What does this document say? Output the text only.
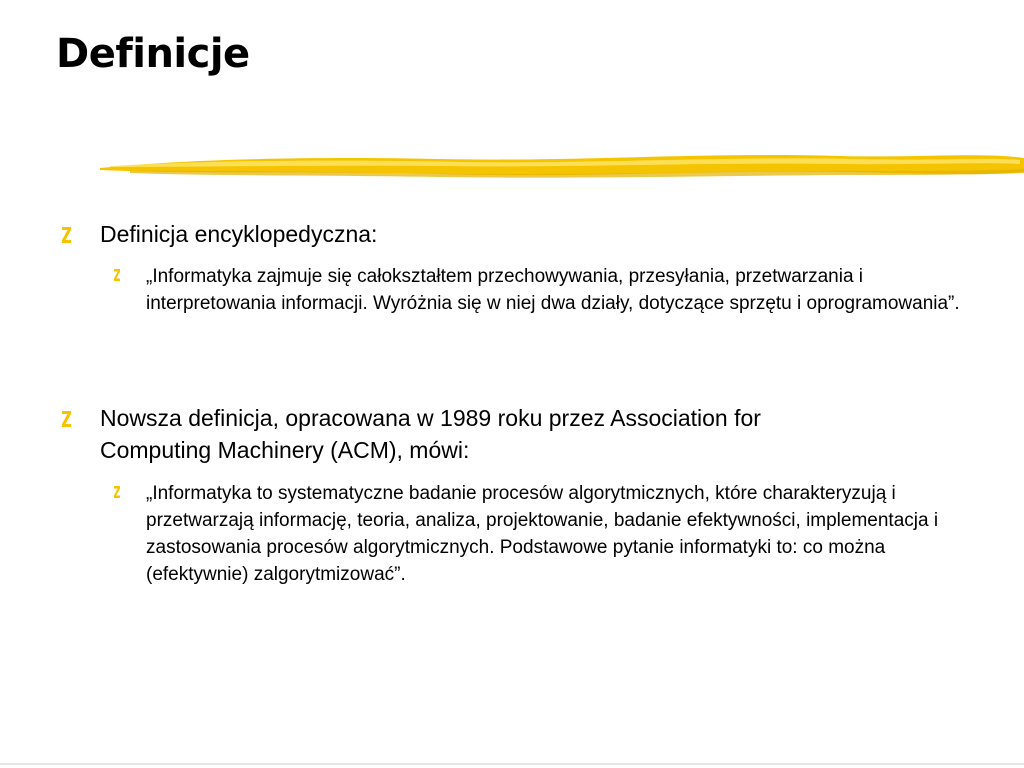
Definicje

Definicja encyklopedyczna:

„Informatyka zajmuje się całokształtem przechowywania, przesyłania, przetwarzania i interpretowania informacji. Wyróżnia się w niej dwa działy, dotyczące sprzętu i oprogramowania”.

Nowsza definicja, opracowana w 1989 roku przez Association for Computing Machinery (ACM), mówi:

„Informatyka to systematyczne badanie procesów algorytmicznych, które charakteryzują i przetwarzają informację, teoria, analiza, projektowanie, badanie efektywności, implementacja i zastosowania procesów algorytmicznych. Podstawowe pytanie informatyki to: co można (efektywnie) zalgorytmizować”.
